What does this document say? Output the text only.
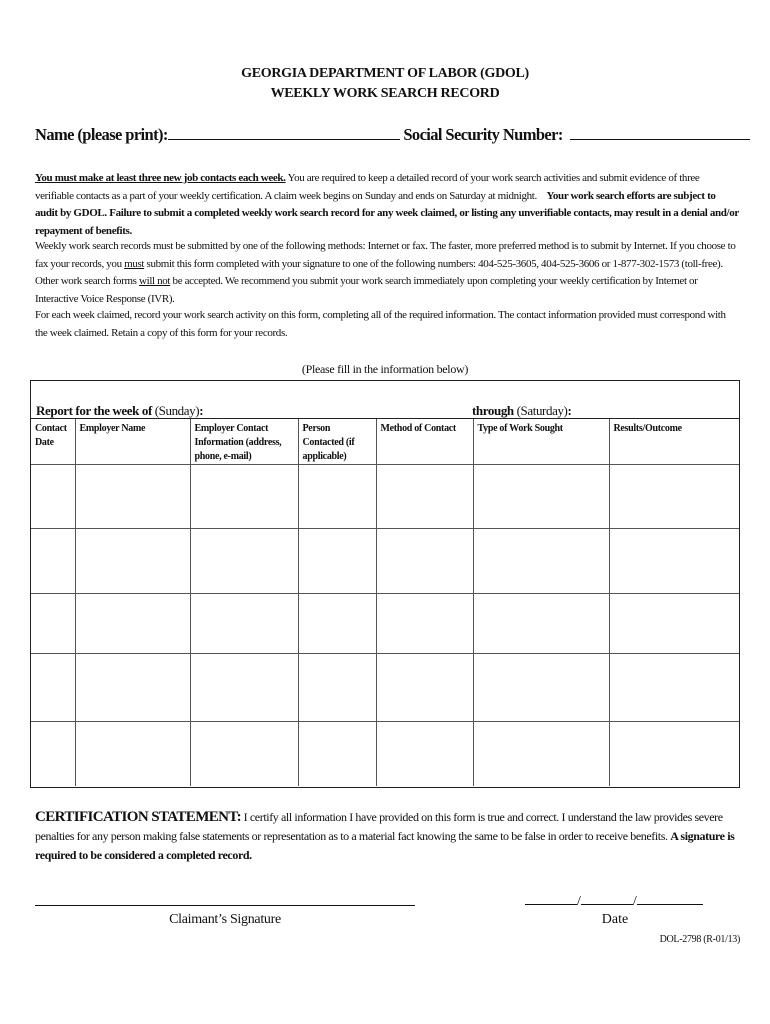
GEORGIA DEPARTMENT OF LABOR (GDOL)
WEEKLY WORK SEARCH RECORD
Name (please print):	Social Security Number:
You must make at least three new job contacts each week. You are required to keep a detailed record of your work search activities and submit evidence of three verifiable contacts as a part of your weekly certification. A claim week begins on Sunday and ends on Saturday at midnight. Your work search efforts are subject to audit by GDOL. Failure to submit a completed weekly work search record for any week claimed, or listing any unverifiable contacts, may result in a denial and/or repayment of benefits.
Weekly work search records must be submitted by one of the following methods: Internet or fax. The faster, more preferred method is to submit by Internet. If you choose to fax your records, you must submit this form completed with your signature to one of the following numbers: 404-525-3605, 404-525-3606 or 1-877-302-1573 (toll-free). Other work search forms will not be accepted. We recommend you submit your work search immediately upon completing your weekly certification by Internet or Interactive Voice Response (IVR).
For each week claimed, record your work search activity on this form, completing all of the required information. The contact information provided must correspond with the week claimed. Retain a copy of this form for your records.
(Please fill in the information below)
Report for the week of (Sunday):	through (Saturday):
Contact Date	Employer Name	Employer Contact Information (address, phone, e-mail)	Person Contacted (if applicable)	Method of Contact	Type of Work Sought	Results/Outcome

CERTIFICATION STATEMENT: I certify all information I have provided on this form is true and correct. I understand the law provides severe penalties for any person making false statements or representation as to a material fact knowing the same to be false in order to receive benefits. A signature is required to be considered a completed record.
Claimant’s Signature
/	/
Date
DOL-2798 (R-01/13)
